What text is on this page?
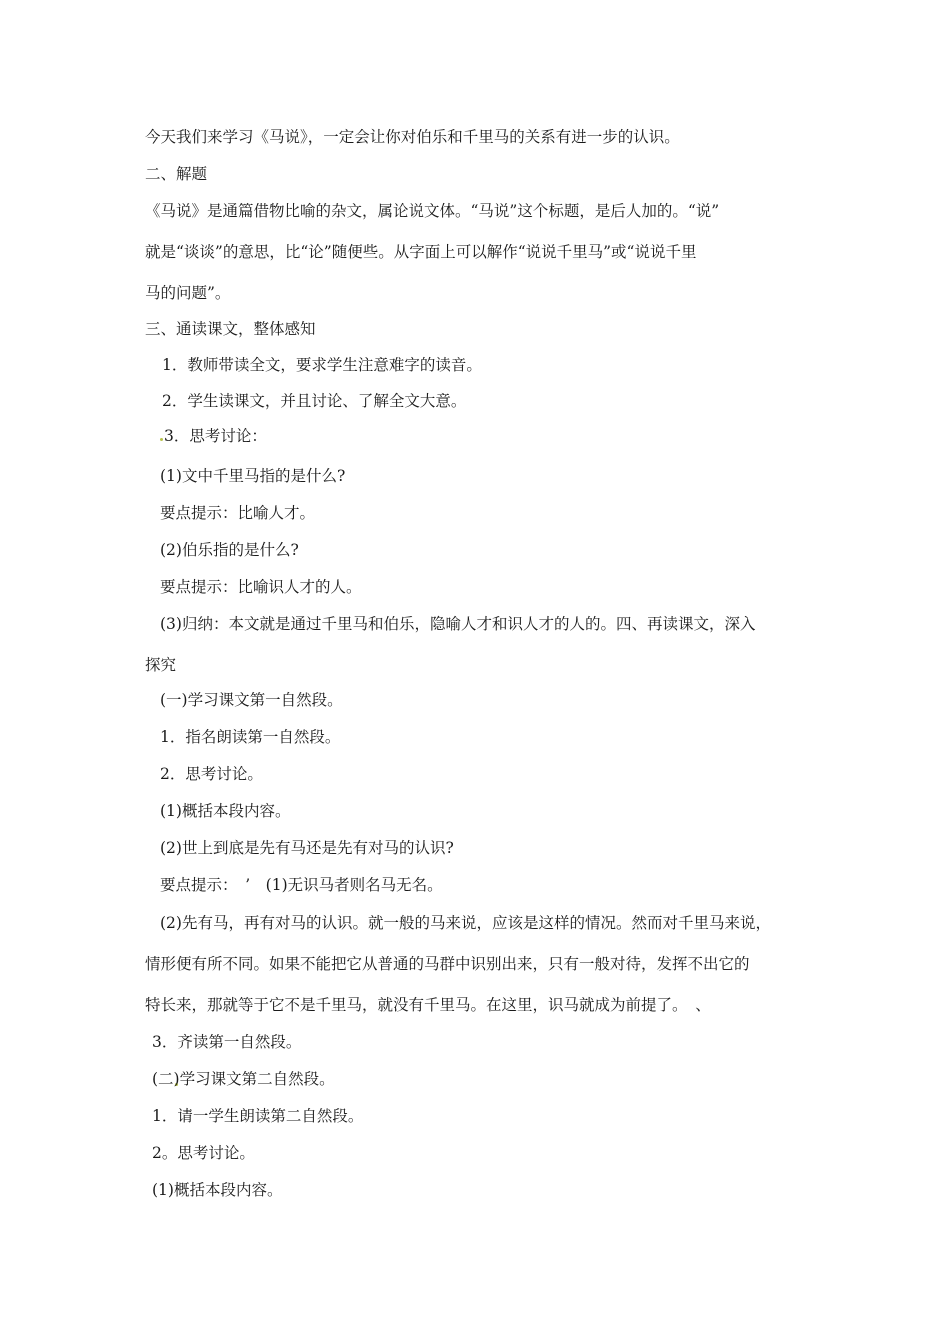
今天我们来学习《马说》，一定会让你对伯乐和千里马的关系有进一步的认识。
二、解题
《马说》是通篇借物比喻的杂文，属论说文体。“马说”这个标题，是后人加的。“说”
就是“谈谈”的意思，比“论”随便些。从字面上可以解作“说说千里马”或“说说千里
马的问题”。
三、通读课文，整体感知
1．教师带读全文，要求学生注意难字的读音。
2．学生读课文，并且讨论、了解全文大意。
3．思考讨论：
(1)文中千里马指的是什么?
要点提示：比喻人才。
(2)伯乐指的是什么?
要点提示：比喻识人才的人。
(3)归纳：本文就是通过千里马和伯乐，隐喻人才和识人才的人的。四、再读课文，深入
探究
(一)学习课文第一自然段。
1．指名朗读第一自然段。
2．思考讨论。
(1)概括本段内容。
(2)世上到底是先有马还是先有对马的认识?
要点提示：　’　(1)无识马者则名马无名。
(2)先有马，再有对马的认识。就一般的马来说，应该是这样的情况。然而对千里马来说，
情形便有所不同。如果不能把它从普通的马群中识别出来，只有一般对待，发挥不出它的
特长来，那就等于它不是千里马，就没有千里马。在这里，识马就成为前提了。　、
3．齐读第一自然段。
(二)学习课文第二自然段。
1．请一学生朗读第二自然段。
2。思考讨论。
(1)概括本段内容。
